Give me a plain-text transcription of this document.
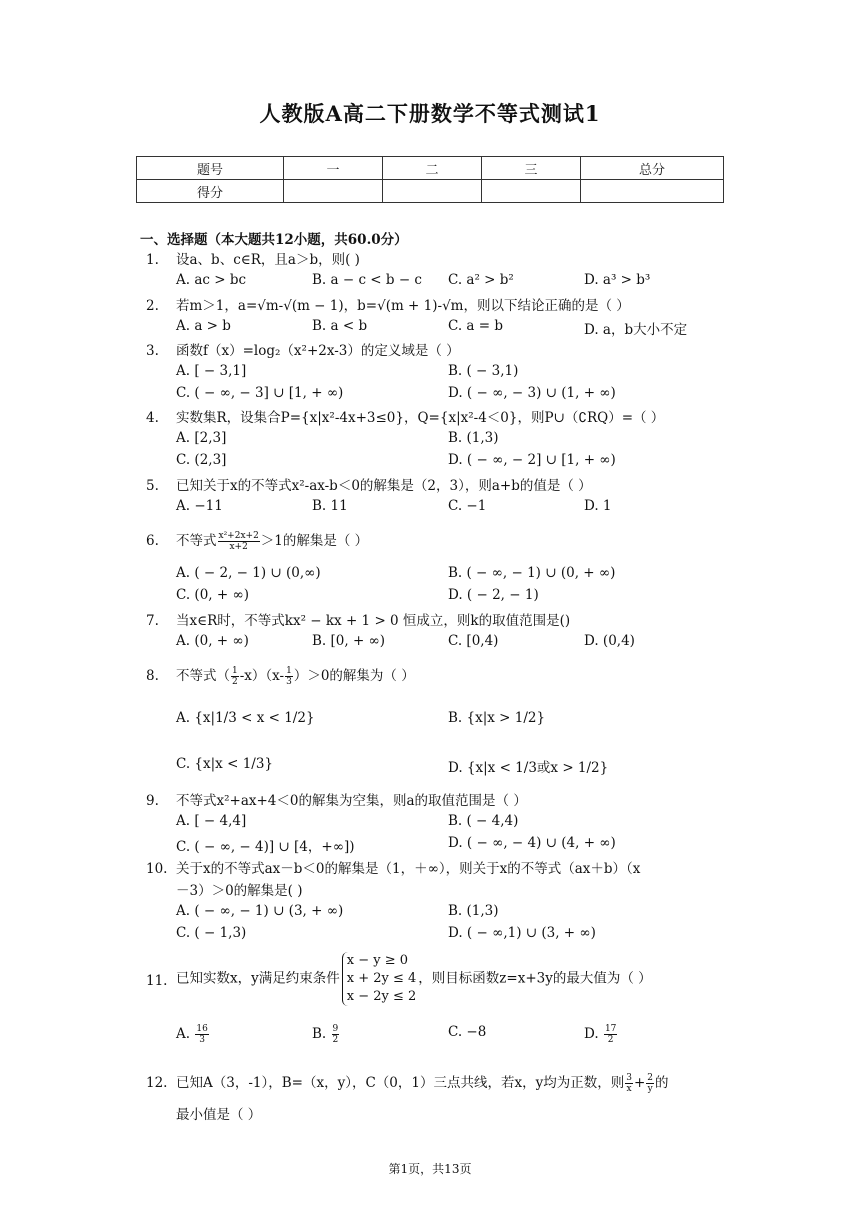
人教版A高二下册数学不等式测试1
题号	一	二	三	总分
得分				
一、选择题（本大题共12小题，共60.0分）
1.	设a、b、c∈R，且a＞b，则( )
A. ac > bc	B. a − c < b − c C. a² > b²	D. a³ > b³
2.	若m＞1，a=√m-√(m − 1)，b=√(m + 1)-√m，则以下结论正确的是（ ）
A. a > b	B. a < b	C. a = b	D. a，b大小不定
3.	函数f（x）=log₂（x²+2x-3）的定义域是（ ）
A. [ − 3,1]	B. ( − 3,1)
C. ( − ∞, − 3] ∪ [1, + ∞)	D. ( − ∞, − 3) ∪ (1, + ∞)
4.	实数集R，设集合P={x|x²-4x+3≤0}，Q={x|x²-4＜0}，则P∪（∁RQ）=（ ）
A. [2,3]	B. (1,3)
C. (2,3]	D. ( − ∞, − 2] ∪ [1, + ∞)
5.	已知关于x的不等式x²-ax-b＜0的解集是（2，3），则a+b的值是（ ）
A. −11	B. 11	C. −1	D. 1
6.	不等式 $\frac{\text{x²+2x+2}}{x+2} >1$的解集是（ ）
A. ( − 2, − 1) ∪ (0,∞)	B. ( − ∞, − 1) ∪ (0, + ∞)
C. (0, + ∞)	D. ( − 2, − 1)
7.	当x∈R时，不等式kx² − kx + 1 > 0 恒成立，则k的取值范围是()
A. (0, + ∞)	B. [0, + ∞)	C. [0,4)	D. (0,4)
8.	不等式（ $\frac{1}{2} -x)(x- \frac{1}{3} )>0$的解集为（ ）
A. {x|1/3 < x < 1/2}	B. {x|x > 1/2}
C. {x|x < 1/3}	D. {x|x < 1/3或x > 1/2}
9.	不等式x²+ax+4＜0的解集为空集，则a的取值范围是（ ）
A. [ − 4,4]	B. ( − 4,4)
C. ( − ∞, − 4)] ∪ [4，+∞])	D. ( − ∞, − 4) ∪ (4, + ∞)
10. 关于x的不等式ax－b＜0的解集是（1，＋∞），则关于x的不等式（ax＋b）（x
－3）＞0的解集是( )
A. ( − ∞, − 1) ∪ (3, + ∞)	B. (1,3)
C. ( − 1,3)	D. ( − ∞,1) ∪ (3, + ∞)
11. 已知实数x，y满足约束条件
x − y ≥ 0
x + 2y ≤ 4
x − 2y ≤ 2
，则目标函数z=x+3y的最大值为（ ）
A. $\frac{16}{3}$	B. $\frac{9}{2}$	C. −8	D. $\frac{17}{2}$
12. 已知A（3，-1），B=（x，y），C（0，1）三点共线，若x，y均为正数，则 $\frac{3}{x} + \frac{2}{y}$ 的
最小值是（ ）
第1页，共13页
